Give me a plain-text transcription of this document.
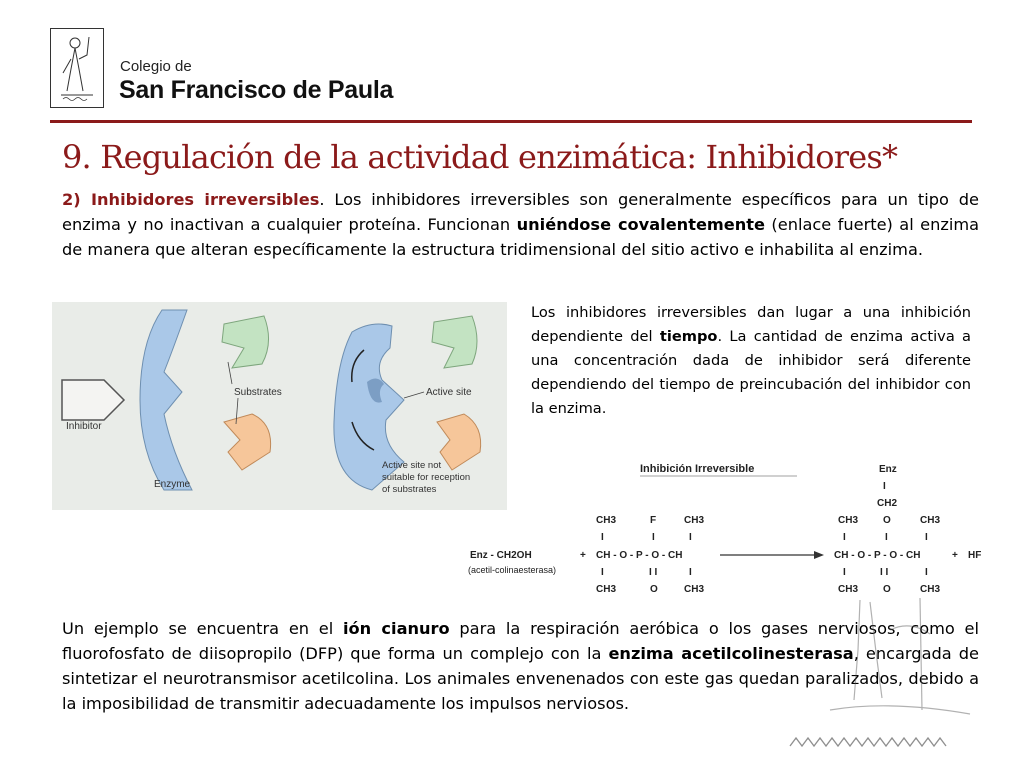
Colegio de
San Francisco de Paula
9. Regulación de la actividad enzimática: Inhibidores*
2) Inhibidores irreversibles. Los inhibidores irreversibles son generalmente específicos para un tipo de enzima y no inactivan a cualquier proteína. Funcionan uniéndose covalentemente (enlace fuerte) al enzima de manera que alteran específicamente la estructura tridimensional del sitio activo e inhabilita al enzima.
Inhibitor
Enzyme
Substrates
Active site not
suitable for reception
of substrates
Active site
Los inhibidores irreversibles dan lugar a una inhibición dependiente del tiempo. La cantidad de enzima activa a una concentración dada de inhibidor será diferente dependiendo del tiempo de preincubación del inhibidor con la enzima.
Inhibición Irreversible
CH3	F	CH3
I	I	I
Enz - CH2OH	+ CH - O - P - O - CH
(acetil-colinaesterasa)	I	I I	I
CH3	O	CH3
Enz
I
CH2
CH3 O	CH3
I	I	I
CH - O - P - O - CH	+ HF
I	I I	I
CH3 O	CH3
Un ejemplo se encuentra en el ión cianuro para la respiración aeróbica o los gases nerviosos, como el fluorofosfato de diisopropilo (DFP) que forma un complejo con la enzima acetilcolinesterasa, encargada de sintetizar el neurotransmisor acetilcolina. Los animales envenenados con este gas quedan paralizados, debido a la imposibilidad de transmitir adecuadamente los impulsos nerviosos.
